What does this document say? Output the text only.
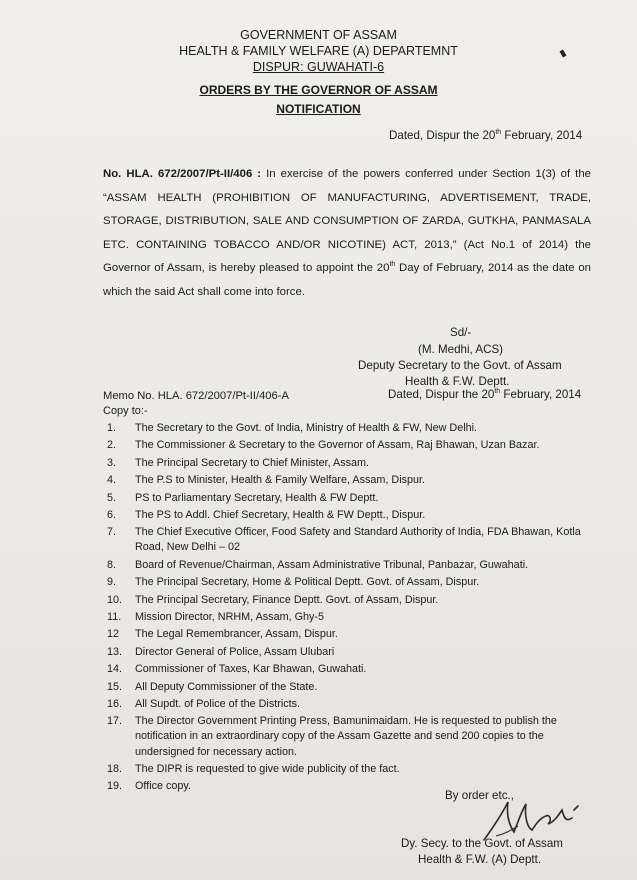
GOVERNMENT OF ASSAM
HEALTH & FAMILY WELFARE (A) DEPARTEMNT
DISPUR: GUWAHATI-6
ORDERS BY THE GOVERNOR OF ASSAM
NOTIFICATION
Dated, Dispur the 20th February, 2014
No. HLA. 672/2007/Pt-II/406 : In exercise of the powers conferred under Section 1(3) of the “ASSAM HEALTH (PROHIBITION OF MANUFACTURING, ADVERTISEMENT, TRADE, STORAGE, DISTRIBUTION, SALE AND CONSUMPTION OF ZARDA, GUTKHA, PANMASALA ETC. CONTAINING TOBACCO AND/OR NICOTINE) ACT, 2013,” (Act No.1 of 2014) the Governor of Assam, is hereby pleased to appoint the 20th Day of February, 2014 as the date on which the said Act shall come into force.
Sd/-
(M. Medhi, ACS)
Deputy Secretary to the Govt. of Assam
Health & F.W. Deptt.
Memo No. HLA. 672/2007/Pt-II/406-A	Dated, Dispur the 20th February, 2014
Copy to:-
1.	The Secretary to the Govt. of India, Ministry of Health & FW, New Delhi.
2.	The Commissioner & Secretary to the Governor of Assam, Raj Bhawan, Uzan Bazar.
3.	The Principal Secretary to Chief Minister, Assam.
4.	The P.S to Minister, Health & Family Welfare, Assam, Dispur.
5.	PS to Parliamentary Secretary, Health & FW Deptt.
6.	The PS to Addl. Chief Secretary, Health & FW Deptt., Dispur.
7.	The Chief Executive Officer, Food Safety and Standard Authority of India, FDA Bhawan, Kotla Road, New Delhi – 02
8.	Board of Revenue/Chairman, Assam Administrative Tribunal, Panbazar, Guwahati.
9.	The Principal Secretary, Home & Political Deptt. Govt. of Assam, Dispur.
10.	The Principal Secretary, Finance Deptt. Govt. of Assam, Dispur.
11.	Mission Director, NRHM, Assam, Ghy-5
12	The Legal Remembrancer, Assam, Dispur.
13.	Director General of Police, Assam Ulubari
14.	Commissioner of Taxes, Kar Bhawan, Guwahati.
15.	All Deputy Commissioner of the State.
16.	All Supdt. of Police of the Districts.
17.	The Director Government Printing Press, Bamunimaidam. He is requested to publish the notification in an extraordinary copy of the Assam Gazette and send 200 copies to the undersigned for necessary action.
18.	The DIPR is requested to give wide publicity of the fact.
19.	Office copy.
By order etc.,
Dy. Secy. to the Govt. of Assam
Health & F.W. (A) Deptt.
